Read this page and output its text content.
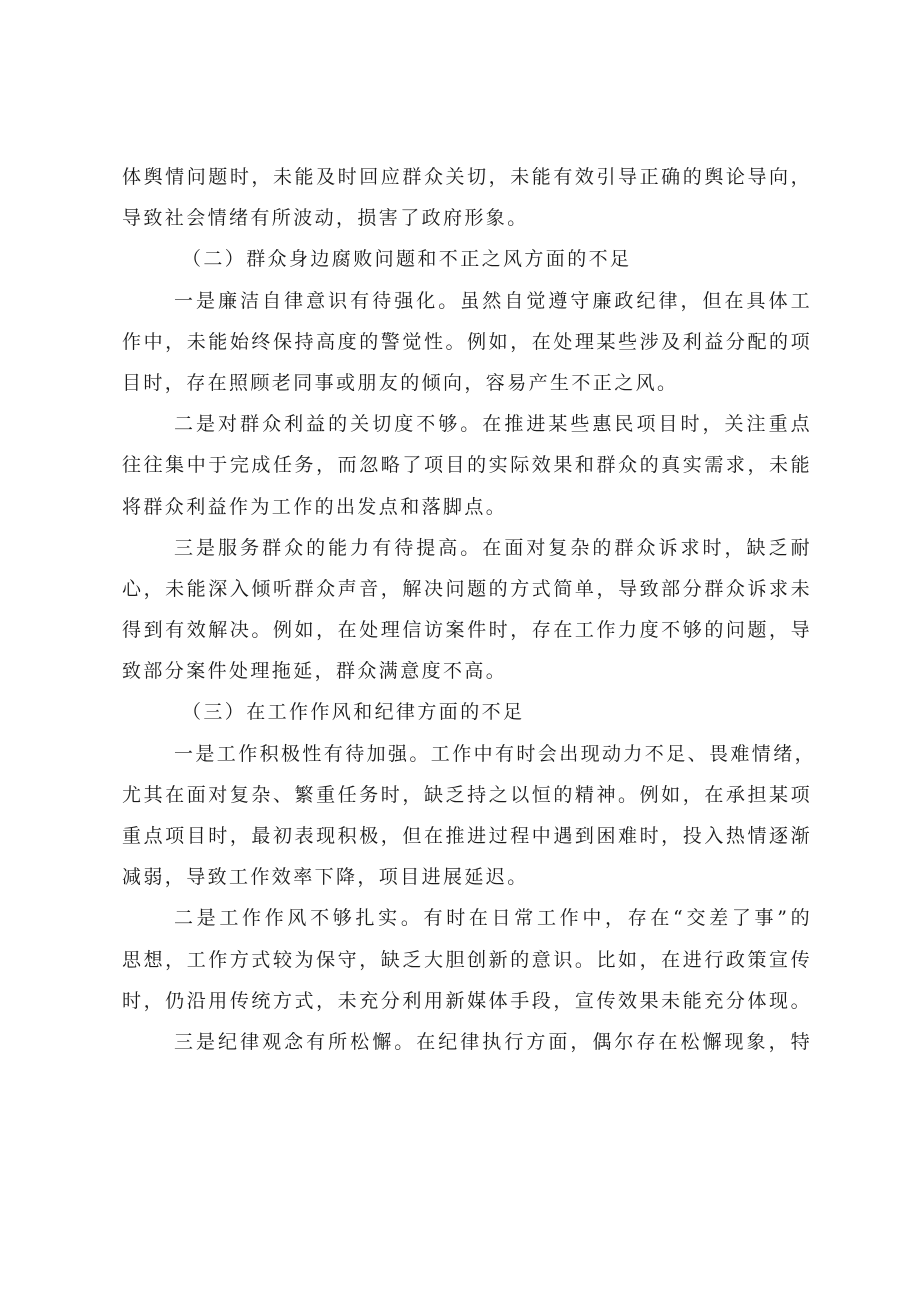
体舆情问题时，未能及时回应群众关切，未能有效引导正确的舆论导向，
导致社会情绪有所波动，损害了政府形象。
（二）群众身边腐败问题和不正之风方面的不足
一是廉洁自律意识有待强化。虽然自觉遵守廉政纪律，但在具体工
作中，未能始终保持高度的警觉性。例如，在处理某些涉及利益分配的项
目时，存在照顾老同事或朋友的倾向，容易产生不正之风。
二是对群众利益的关切度不够。在推进某些惠民项目时，关注重点
往往集中于完成任务，而忽略了项目的实际效果和群众的真实需求，未能
将群众利益作为工作的出发点和落脚点。
三是服务群众的能力有待提高。在面对复杂的群众诉求时，缺乏耐
心，未能深入倾听群众声音，解决问题的方式简单，导致部分群众诉求未
得到有效解决。例如，在处理信访案件时，存在工作力度不够的问题，导
致部分案件处理拖延，群众满意度不高。
（三）在工作作风和纪律方面的不足
一是工作积极性有待加强。工作中有时会出现动力不足、畏难情绪，
尤其在面对复杂、繁重任务时，缺乏持之以恒的精神。例如，在承担某项
重点项目时，最初表现积极，但在推进过程中遇到困难时，投入热情逐渐
减弱，导致工作效率下降，项目进展延迟。
二是工作作风不够扎实。有时在日常工作中，存在“交差了事”的
思想，工作方式较为保守，缺乏大胆创新的意识。比如，在进行政策宣传
时，仍沿用传统方式，未充分利用新媒体手段，宣传效果未能充分体现。
三是纪律观念有所松懈。在纪律执行方面，偶尔存在松懈现象，特
